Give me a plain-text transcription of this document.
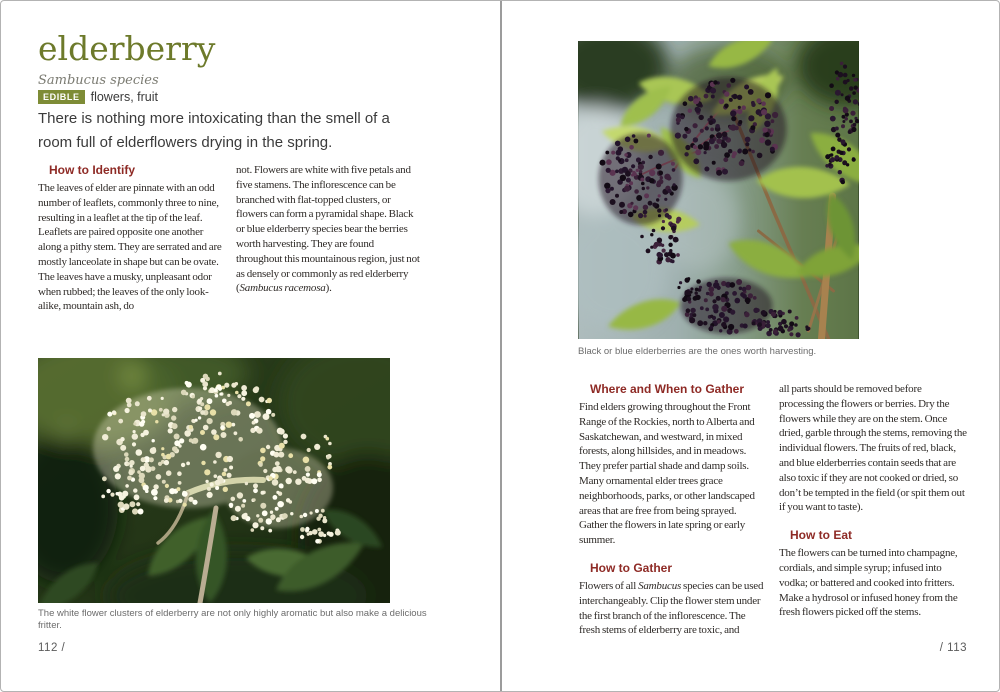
elderberry
Sambucus species
EDIBLE flowers, fruit
There is nothing more intoxicating than the smell of a room full of elderflowers drying in the spring.
How to Identify

The leaves of elder are pinnate with an odd number of leaflets, commonly three to nine, resulting in a leaflet at the tip of the leaf. Leaflets are paired opposite one another along a pithy stem. They are serrated and are mostly lanceolate in shape but can be ovate. The leaves have a musky, unpleasant odor when rubbed; the leaves of the only look-alike, mountain ash, do

not. Flowers are white with five petals and five stamens. The inflorescence can be branched with flat-topped clusters, or flowers can form a pyramidal shape. Black or blue elderberry species bear the berries worth harvesting. They are found throughout this mountainous region, just not as densely or commonly as red elderberry (Sambucus racemosa).

The white flower clusters of elderberry are not only highly aromatic but also make a delicious fritter.
112 /
Black or blue elderberries are the ones worth harvesting.
Where and When to Gather

Find elders growing throughout the Front Range of the Rockies, north to Alberta and Saskatchewan, and westward, in mixed forests, along hillsides, and in meadows. They prefer partial shade and damp soils. Many ornamental elder trees grace neighborhoods, parks, or other landscaped areas that are free from being sprayed. Gather the flowers in late spring or early summer.

How to Gather

Flowers of all Sambucus species can be used interchangeably. Clip the flower stem under the first branch of the inflorescence. The fresh stems of elderberry are toxic, and

all parts should be removed before processing the flowers or berries. Dry the flowers while they are on the stem. Once dried, garble through the stems, removing the individual flowers. The fruits of red, black, and blue elderberries contain seeds that are also toxic if they are not cooked or dried, so don’t be tempted in the field (or spit them out if you want to taste).

How to Eat

The flowers can be turned into champagne, cordials, and simple syrup; infused into vodka; or battered and cooked into fritters. Make a hydrosol or infused honey from the fresh flowers picked off the stems.

/ 113
